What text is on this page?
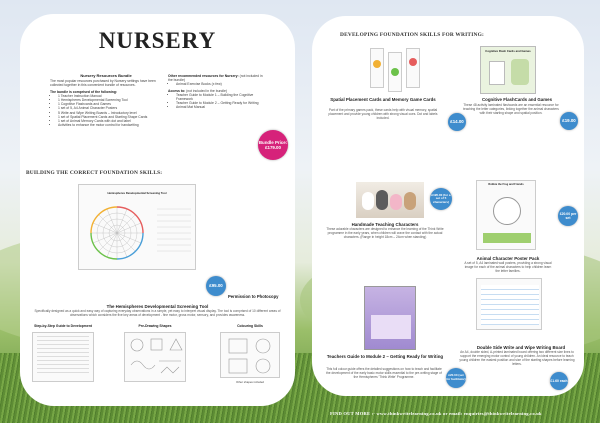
NURSERY
Nursery Resources Bundle
The most popular resources purchased by Nursery settings have been collected together in this convenient bundle of resources.
The bundle is comprised of the following:
• 1 Teacher Instruction Manual
• 1 Hemispheres Developmental Screening Tool
• 1 Cognitive Flashcards and Games
• 1 set of 5, A4 Animal Character Posters
• 5 Write and Wipe Writing Boards – Introductory level
• 1 set of Spatial Placement Cards and Starting Shape Cards
• 1 set of Animal Memory Cards with dot and label
• Activities to enhance the motor control for handwriting
Other recommended resources for Nursery: (not included in the bundle)
• Animal Exercise Books (x few)
Access to: (not included in the bundle)
• Teacher Guide to Module 1 – Building the Cognitive Framework
• Teacher Guide to Module 2 – Getting Ready for Writing
• Animal Mat Manual
Bundle Price: £179.00
BUILDING THE CORRECT FOUNDATION SKILLS:
Hemispheres Developmental Screening Tool
£95.00
Permission to Photocopy
The Hemispheres Developmental Screening Tool
Specifically designed as a quick and easy way of capturing everyday observations in a simple, yet easy to interpret visual display. The tool is comprised of 10 different areas of observations which considers the five key areas of development - fine motor, gross motor, sensory, and provides awareness.
Step-by-Step Guide to Development	Pre-Drawing Shapes	Colouring Skills
Other shapes included
DEVELOPING FOUNDATION SKILLS FOR WRITING:
Spatial Placement Cards and Memory Game Cards
Part of the primary games pack, these cards help with visual memory, spatial placement and provide young children with strong visual cues. Dot and labels included.
£14.00
Cognitive Flash Cards and Games
Cognitive FlashCards and Games
These 48 activity laminated flashcards are an essential resource for teaching the letter categories, linking together the animal characters with their starting shape and spatial position.
£19.00
£195.00 (for a set of 5 characters)
Handmade Teaching Characters
These adorable characters are designed to enhance the learning of the Think Write programme in the early years, when children will crave the contact with the actual characters. (Range in height 18cm – 24cm when standing)
Robbie the Frog and Friends
£20.00 per set
Animal Character Poster Pack
A set of 5, A4 laminated wall posters, providing a strong visual image for each of the animal characters to help children learn the letter families.
Teachers Guide to Module 2 – Getting Ready for Writing
This full colour guide offers the detailed suggestions on how to teach and facilitate the development of the early basic motor skills essential to the pre-writing stage of the Hemispheres 'Think Write' Programme.	£20.00 (set for facilitator)
Double Side Write and Wipe Writing Board
An A4, double sided, A-printed laminated board offering two different size lines to support the emerging motor control of young children. An ideal resource to teach young children the easiest position and size of the starting shapes before learning letters.
£1.60 each
FIND OUT MORE :- www.thinkwritelearning.co.uk or email: enquiries@thinkwritelearning.co.uk
